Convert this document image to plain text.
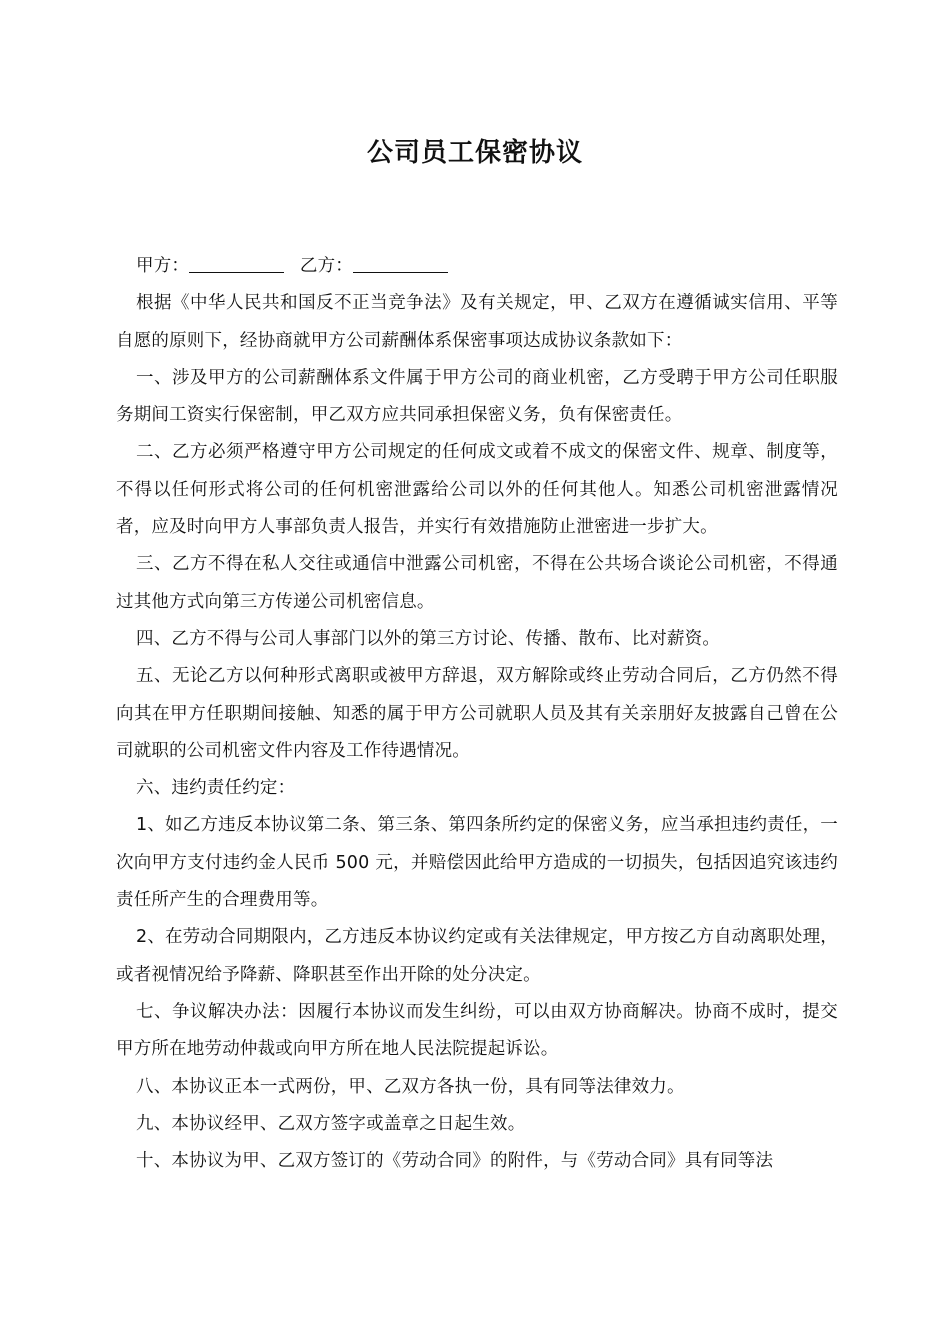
公司员工保密协议

甲方：	乙方：

根据《中华人民共和国反不正当竞争法》及有关规定，甲、乙双方在遵循诚实信用、平等自愿的原则下，经协商就甲方公司薪酬体系保密事项达成协议条款如下：

一、涉及甲方的公司薪酬体系文件属于甲方公司的商业机密，乙方受聘于甲方公司任职服务期间工资实行保密制，甲乙双方应共同承担保密义务，负有保密责任。

二、乙方必须严格遵守甲方公司规定的任何成文或着不成文的保密文件、规章、制度等，不得以任何形式将公司的任何机密泄露给公司以外的任何其他人。知悉公司机密泄露情况者，应及时向甲方人事部负责人报告，并实行有效措施防止泄密进一步扩大。

三、乙方不得在私人交往或通信中泄露公司机密，不得在公共场合谈论公司机密，不得通过其他方式向第三方传递公司机密信息。

四、乙方不得与公司人事部门以外的第三方讨论、传播、散布、比对薪资。

五、无论乙方以何种形式离职或被甲方辞退，双方解除或终止劳动合同后，乙方仍然不得向其在甲方任职期间接触、知悉的属于甲方公司就职人员及其有关亲朋好友披露自己曾在公司就职的公司机密文件内容及工作待遇情况。

六、违约责任约定：

1、如乙方违反本协议第二条、第三条、第四条所约定的保密义务，应当承担违约责任，一次向甲方支付违约金人民币 500 元，并赔偿因此给甲方造成的一切损失，包括因追究该违约责任所产生的合理费用等。

2、在劳动合同期限内，乙方违反本协议约定或有关法律规定，甲方按乙方自动离职处理，或者视情况给予降薪、降职甚至作出开除的处分决定。

七、争议解决办法：因履行本协议而发生纠纷，可以由双方协商解决。协商不成时，提交甲方所在地劳动仲裁或向甲方所在地人民法院提起诉讼。

八、本协议正本一式两份，甲、乙双方各执一份，具有同等法律效力。

九、本协议经甲、乙双方签字或盖章之日起生效。

十、本协议为甲、乙双方签订的《劳动合同》的附件，与《劳动合同》具有同等法
